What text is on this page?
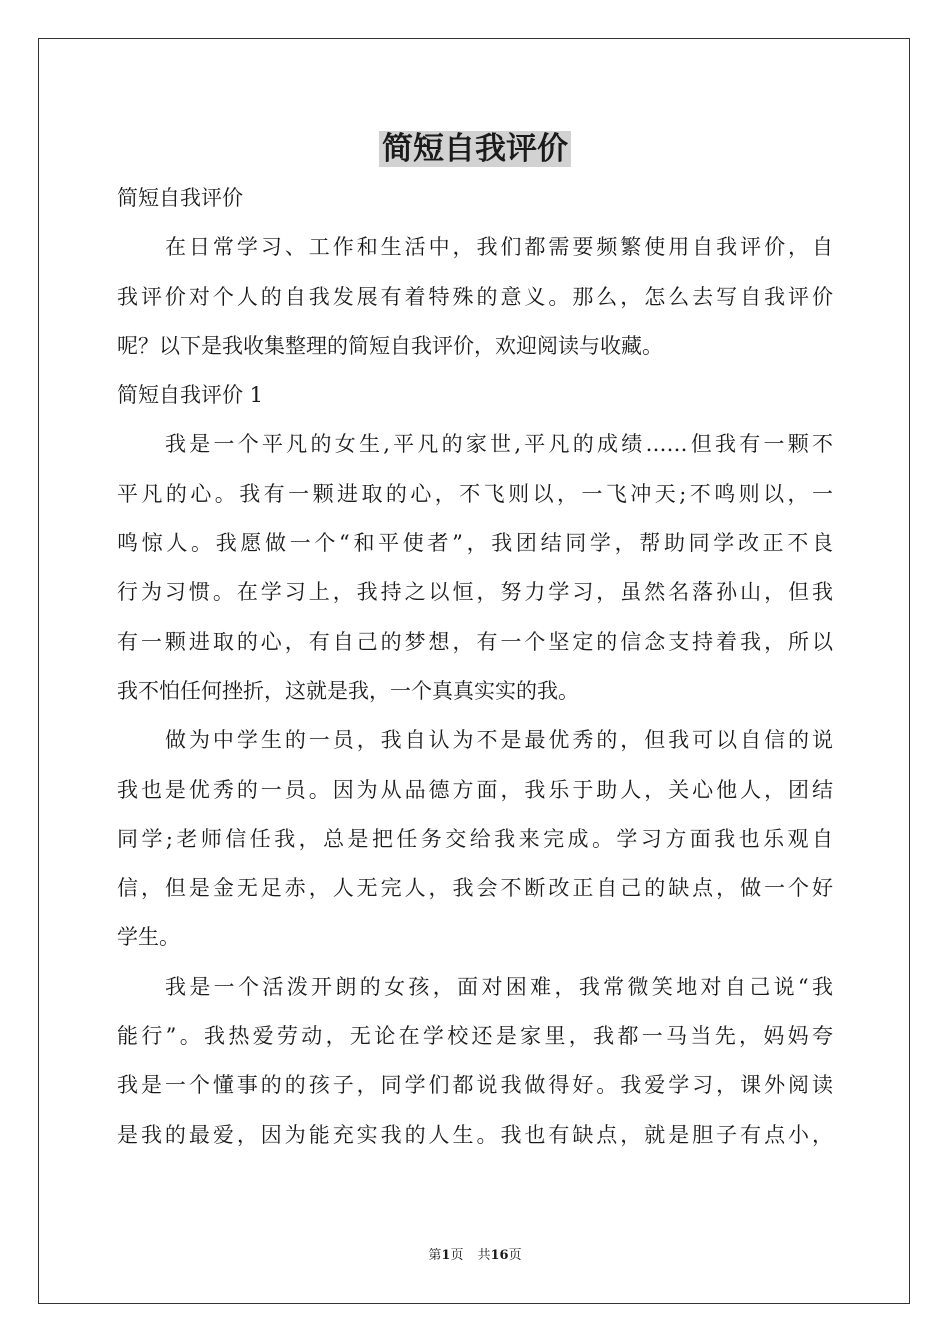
简短自我评价
简短自我评价
在日常学习、工作和生活中，我们都需要频繁使用自我评价，自
我评价对个人的自我发展有着特殊的意义。那么，怎么去写自我评价
呢？以下是我收集整理的简短自我评价，欢迎阅读与收藏。
简短自我评价 1
我是一个平凡的女生,平凡的家世,平凡的成绩……但我有一颗不
平凡的心。我有一颗进取的心，不飞则以，一飞冲天;不鸣则以，一
鸣惊人。我愿做一个“和平使者”，我团结同学，帮助同学改正不良
行为习惯。在学习上，我持之以恒，努力学习，虽然名落孙山，但我
有一颗进取的心，有自己的梦想，有一个坚定的信念支持着我，所以
我不怕任何挫折，这就是我，一个真真实实的我。
做为中学生的一员，我自认为不是最优秀的，但我可以自信的说
我也是优秀的一员。因为从品德方面，我乐于助人，关心他人，团结
同学;老师信任我，总是把任务交给我来完成。学习方面我也乐观自
信，但是金无足赤，人无完人，我会不断改正自己的缺点，做一个好
学生。
我是一个活泼开朗的女孩，面对困难，我常微笑地对自己说“我
能行”。我热爱劳动，无论在学校还是家里，我都一马当先，妈妈夸
我是一个懂事的的孩子，同学们都说我做得好。我爱学习，课外阅读
是我的最爱，因为能充实我的人生。我也有缺点，就是胆子有点小，
第1页 共16页
